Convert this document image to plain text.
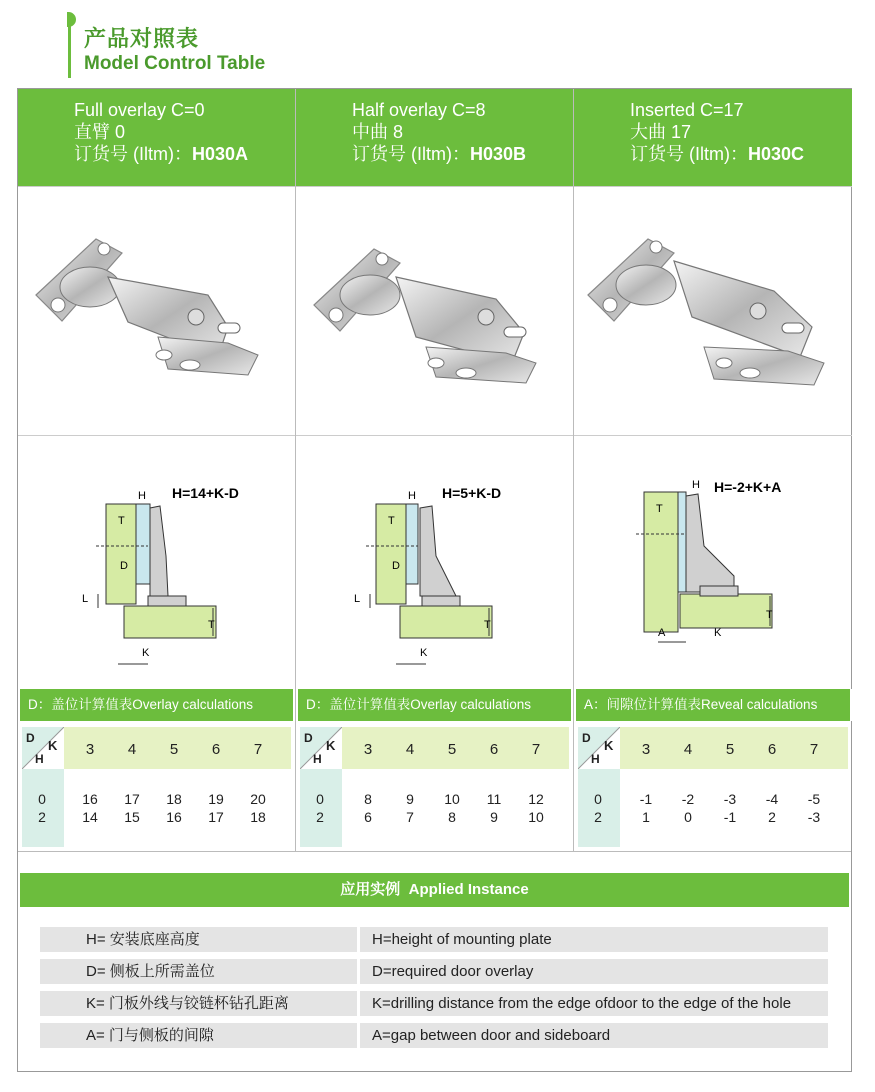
产品对照表
Model Control Table
Full overlay C=0
直臂 0
订货号 (Iltm)：H030A
H=14+K-D
H
T
D
L
T
K
D：盖位计算值表Overlay calculations
D K
H
3	4	5	6	7
0	16	17	18	19	20
2	14	15	16	17	18
Half overlay C=8
中曲 8
订货号 (Iltm)：H030B
H=5+K-D
H
T
D
L
T
K
D：盖位计算值表Overlay calculations
D K
H
3	4	5	6	7
0	8	9	10	11	12
2	6	7	8	9	10
Inserted C=17
大曲 17
订货号 (Iltm)：H030C
H=-2+K+A
H
T
T
A	K
A：间隙位计算值表Reveal calculations
D K
H
3	4	5	6	7
0	-1	-2	-3	-4	-5
2	1	0	-1	2	-3
应用实例 Applied Instance
H= 安装底座高度	H=height of mounting plate
D= 侧板上所需盖位	D=required door overlay
K= 门板外线与铰链杯钻孔距离	K=drilling distance from the edge ofdoor to the edge of the hole
A= 门与侧板的间隙	A=gap between door and sideboard
